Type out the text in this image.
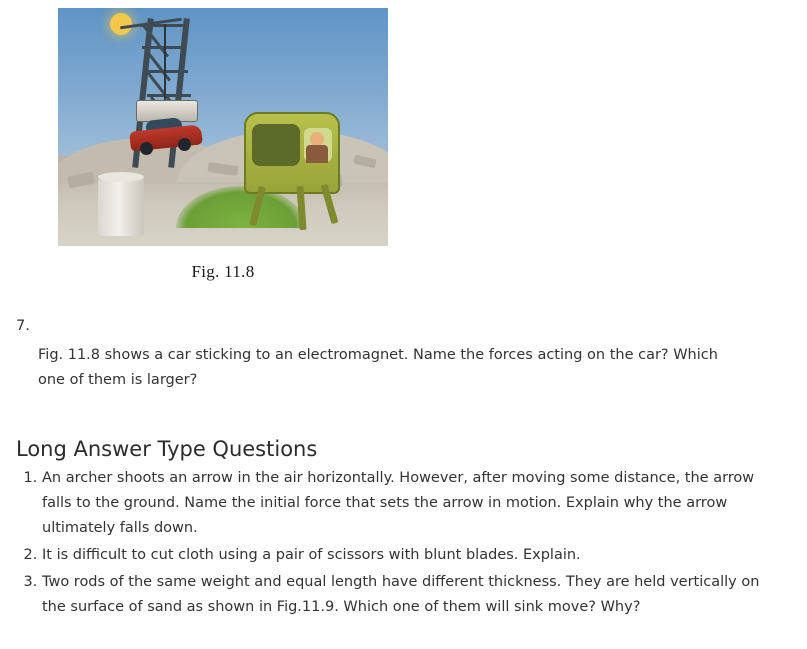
Fig. 11.8
7.
Fig. 11.8 shows a car sticking to an electromagnet. Name the forces acting on the car? Which one of them is larger?
Long Answer Type Questions
1. An archer shoots an arrow in the air horizontally. However, after moving some distance, the arrow falls to the ground. Name the initial force that sets the arrow in motion. Explain why the arrow ultimately falls down.
2. It is difficult to cut cloth using a pair of scissors with blunt blades. Explain.
3. Two rods of the same weight and equal length have different thickness. They are held vertically on the surface of sand as shown in Fig.11.9. Which one of them will sink move? Why?
